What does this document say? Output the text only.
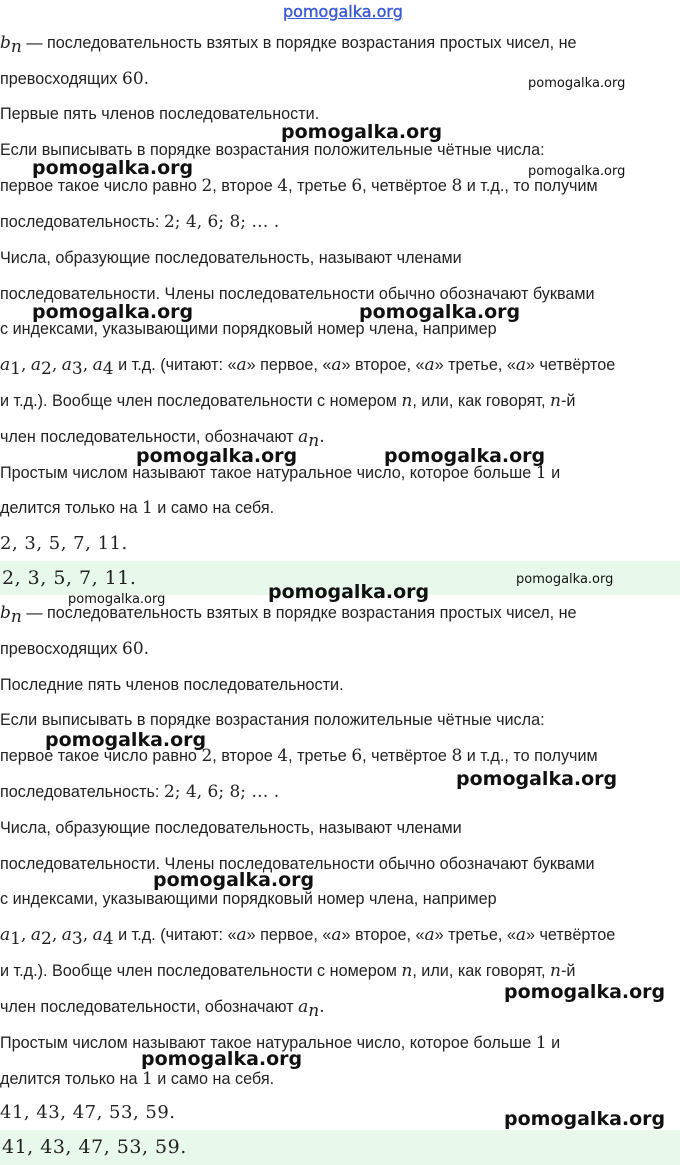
pomogalka.org
$b_n$ — последовательность взятых в порядке возрастания простых чисел, не
превосходящих 60.
Первые пять членов последовательности.
Если выписывать в порядке возрастания положительные чётные числа:
первое такое число равно 2, второе 4, третье 6, четвёртое 8 и т.д., то получим
последовательность: 2; 4, 6; 8; … .
Числа, образующие последовательность, называют членами
последовательности. Члены последовательности обычно обозначают буквами
с индексами, указывающими порядковый номер члена, например
$a_1$, $a_2$, $a_3$, $a_4$ и т.д. (читают: «a» первое, «a» второе, «a» третье, «a» четвёртое
и т.д.). Вообще член последовательности с номером n, или, как говорят, n-й
член последовательности, обозначают $a_n$.
Простым числом называют такое натуральное число, которое больше 1 и
делится только на 1 и само на себя.
2, 3, 5, 7, 11.
2, 3, 5, 7, 11.
$b_n$ — последовательность взятых в порядке возрастания простых чисел, не
превосходящих 60.
Последние пять членов последовательности.
Если выписывать в порядке возрастания положительные чётные числа:
первое такое число равно 2, второе 4, третье 6, четвёртое 8 и т.д., то получим
последовательность: 2; 4, 6; 8; … .
Числа, образующие последовательность, называют членами
последовательности. Члены последовательности обычно обозначают буквами
с индексами, указывающими порядковый номер члена, например
$a_1$, $a_2$, $a_3$, $a_4$ и т.д. (читают: «a» первое, «a» второе, «a» третье, «a» четвёртое
и т.д.). Вообще член последовательности с номером n, или, как говорят, n-й
член последовательности, обозначают $a_n$.
Простым числом называют такое натуральное число, которое больше 1 и
делится только на 1 и само на себя.
41, 43, 47, 53, 59.
41, 43, 47, 53, 59.
pomogalka.org
pomogalka.org
pomogalka.org	pomogalka.org
pomogalka.org	pomogalka.org
pomogalka.org	pomogalka.org
pomogalka.org
pomogalka.org
pomogalka.org
pomogalka.org
pomogalka.org
pomogalka.org
pomogalka.org
pomogalka.org
pomogalka.org
